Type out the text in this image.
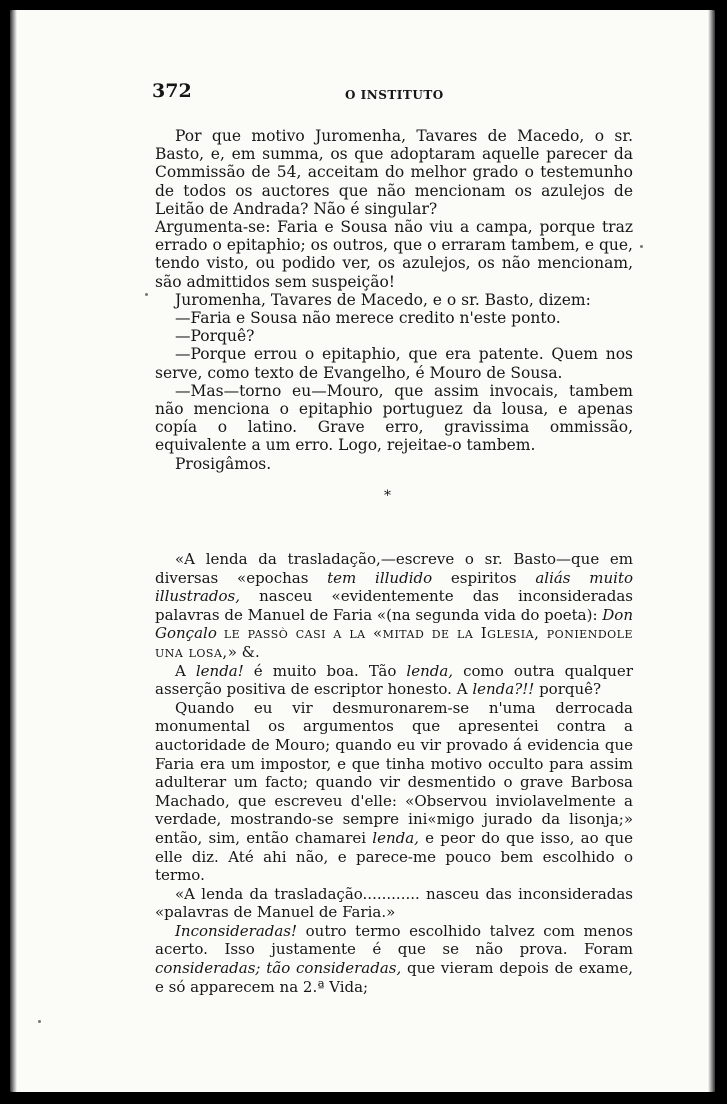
372	O INSTITUTO

Por que motivo Juromenha, Tavares de Macedo, o sr. Basto, e, em summa, os que adoptaram aquelle parecer da Commissão de 54, acceitam do melhor grado o testemunho de todos os auctores que não mencionam os azulejos de Leitão de Andrada? Não é singular?

Argumenta-se: Faria e Sousa não viu a campa, porque traz errado o epitaphio; os outros, que o erraram tambem, e que, tendo visto, ou podido ver, os azulejos, os não mencionam, são admittidos sem suspeição!

Juromenha, Tavares de Macedo, e o sr. Basto, dizem:

—Faria e Sousa não merece credito n'este ponto.

—Porquê?

—Porque errou o epitaphio, que era patente. Quem nos serve, como texto de Evangelho, é Mouro de Sousa.

—Mas—torno eu—Mouro, que assim invocais, tambem não menciona o epitaphio portuguez da lousa, e apenas copía o latino. Grave erro, gravissima ommissão, equivalente a um erro. Logo, rejeitae-o tambem.

Prosigâmos.

*

«A lenda da trasladação,—escreve o sr. Basto—que em diversas «epochas tem illudido espiritos aliás muito illustrados, nasceu «evidentemente das inconsideradas palavras de Manuel de Faria «(na segunda vida do poeta): Don Gonçalo le passò casi a la «mitad de la Iglesia, poniendole una losa,» &.

A lenda! é muito boa. Tão lenda, como outra qualquer asserção positiva de escriptor honesto. A lenda?!! porquê?

Quando eu vir desmuronarem-se n'uma derrocada monumental os argumentos que apresentei contra a auctoridade de Mouro; quando eu vir provado á evidencia que Faria era um impostor, e que tinha motivo occulto para assim adulterar um facto; quando vir desmentido o grave Barbosa Machado, que escreveu d'elle: «Observou inviolavelmente a verdade, mostrando-se sempre ini«migo jurado da lisonja;» então, sim, então chamarei lenda, e peor do que isso, ao que elle diz. Até ahi não, e parece-me pouco bem escolhido o termo.

«A lenda da trasladação............ nasceu das inconsideradas «palavras de Manuel de Faria.»

Inconsideradas! outro termo escolhido talvez com menos acerto. Isso justamente é que se não prova. Foram consideradas; tão consideradas, que vieram depois de exame, e só apparecem na 2.ª Vida;
